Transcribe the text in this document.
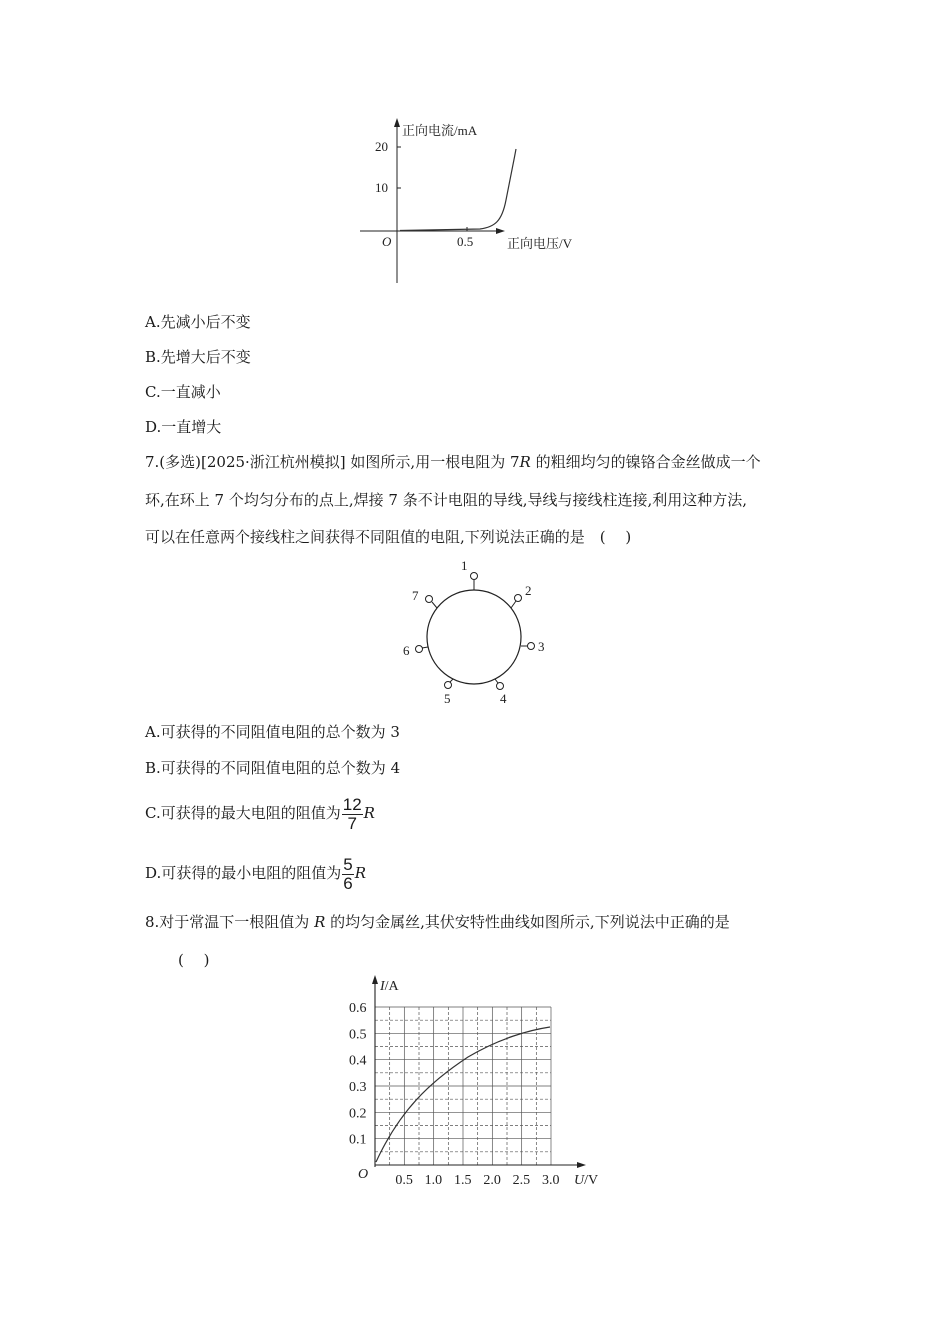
正向电流/mA
正向电压/V
O
20
10
0.5
A.先减小后不变
B.先增大后不变
C.一直减小
D.一直增大
7.(多选)[2025·浙江杭州模拟] 如图所示,用一根电阻为 7R 的粗细均匀的镍铬合金丝做成一个
环,在环上 7 个均匀分布的点上,焊接 7 条不计电阻的导线,导线与接线柱连接,利用这种方法,
可以在任意两个接线柱之间获得不同阻值的电阻,下列说法正确的是　(　 )
1
2
3
4
5
6
7
A.可获得的不同阻值电阻的总个数为 3
B.可获得的不同阻值电阻的总个数为 4
C.可获得的最大电阻的阻值为 $\frac{12}{7}$ R
D.可获得的最小电阻的阻值为 $\frac{5}{6}$ R
8.对于常温下一根阻值为 R 的均匀金属丝,其伏安特性曲线如图所示,下列说法中正确的是
(　 )
I/A
U/V
O
0.6
0.5
0.4
0.3
0.2
0.1
0.5 1.0 1.5 2.0 2.5 3.0
